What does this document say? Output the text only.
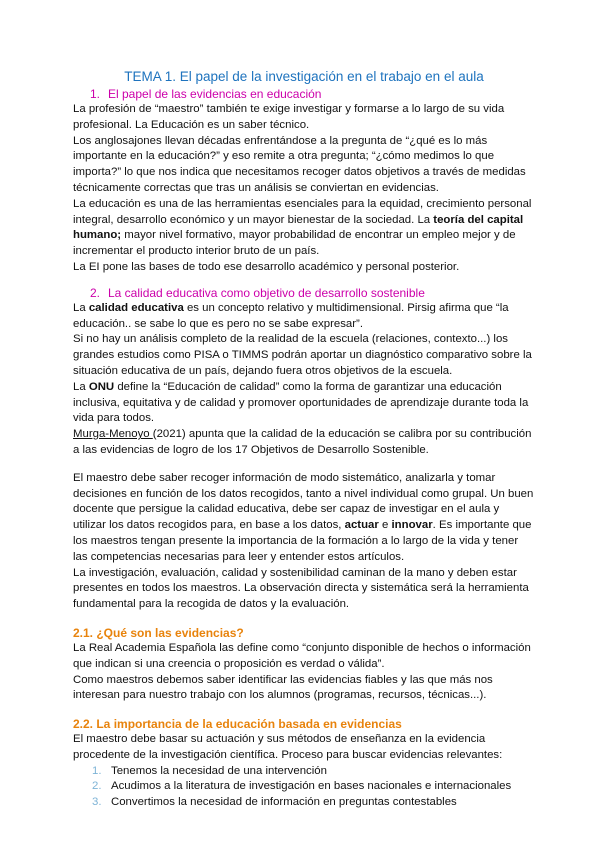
TEMA 1. El papel de la investigación en el trabajo en el aula
1. El papel de las evidencias en educación

La profesión de “maestro” también te exige investigar y formarse a lo largo de su vida profesional. La Educación es un saber técnico.

Los anglosajones llevan décadas enfrentándose a la pregunta de “¿qué es lo más importante en la educación?” y eso remite a otra pregunta; “¿cómo medimos lo que importa?” lo que nos indica que necesitamos recoger datos objetivos a través de medidas técnicamente correctas que tras un análisis se conviertan en evidencias.

La educación es una de las herramientas esenciales para la equidad, crecimiento personal integral, desarrollo económico y un mayor bienestar de la sociedad. La teoría del capital humano; mayor nivel formativo, mayor probabilidad de encontrar un empleo mejor y de incrementar el producto interior bruto de un país.

La EI pone las bases de todo ese desarrollo académico y personal posterior.

2. La calidad educativa como objetivo de desarrollo sostenible

La calidad educativa es un concepto relativo y multidimensional. Pirsig afirma que “la educación.. se sabe lo que es pero no se sabe expresar”.

Si no hay un análisis completo de la realidad de la escuela (relaciones, contexto...) los grandes estudios como PISA o TIMMS podrán aportar un diagnóstico comparativo sobre la situación educativa de un país, dejando fuera otros objetivos de la escuela.

La ONU define la “Educación de calidad” como la forma de garantizar una educación inclusiva, equitativa y de calidad y promover oportunidades de aprendizaje durante toda la vida para todos.

Murga-Menoyo (2021) apunta que la calidad de la educación se calibra por su contribución a las evidencias de logro de los 17 Objetivos de Desarrollo Sostenible.

El maestro debe saber recoger información de modo sistemático, analizarla y tomar decisiones en función de los datos recogidos, tanto a nivel individual como grupal. Un buen docente que persigue la calidad educativa, debe ser capaz de investigar en el aula y utilizar los datos recogidos para, en base a los datos, actuar e innovar. Es importante que los maestros tengan presente la importancia de la formación a lo largo de la vida y tener las competencias necesarias para leer y entender estos artículos.

La investigación, evaluación, calidad y sostenibilidad caminan de la mano y deben estar presentes en todos los maestros. La observación directa y sistemática será la herramienta fundamental para la recogida de datos y la evaluación.

2.1. ¿Qué son las evidencias?

La Real Academia Española las define como “conjunto disponible de hechos o información que indican si una creencia o proposición es verdad o válida”.

Como maestros debemos saber identificar las evidencias fiables y las que más nos interesan para nuestro trabajo con los alumnos (programas, recursos, técnicas...).

2.2. La importancia de la educación basada en evidencias

El maestro debe basar su actuación y sus métodos de enseñanza en la evidencia procedente de la investigación científica. Proceso para buscar evidencias relevantes:

1. Tenemos la necesidad de una intervención
2. Acudimos a la literatura de investigación en bases nacionales e internacionales
3. Convertimos la necesidad de información en preguntas contestables
